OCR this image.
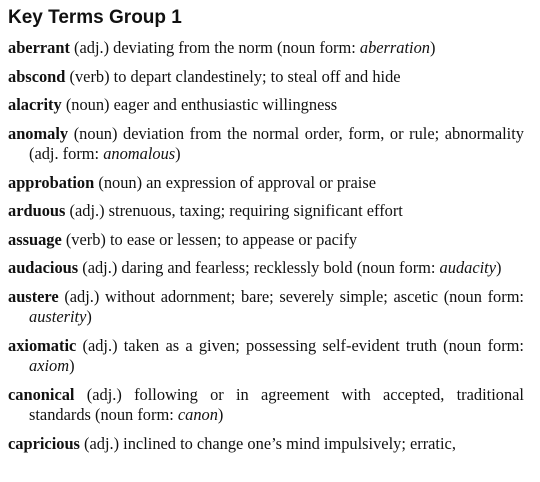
Key Terms Group 1
aberrant (adj.) deviating from the norm (noun form: aberration)
abscond (verb) to depart clandestinely; to steal off and hide
alacrity (noun) eager and enthusiastic willingness
anomaly (noun) deviation from the normal order, form, or rule; abnormality (adj. form: anomalous)
approbation (noun) an expression of approval or praise
arduous (adj.) strenuous, taxing; requiring significant effort
assuage (verb) to ease or lessen; to appease or pacify
audacious (adj.) daring and fearless; recklessly bold (noun form: audacity)
austere (adj.) without adornment; bare; severely simple; ascetic (noun form: austerity)
axiomatic (adj.) taken as a given; possessing self-evident truth (noun form: axiom)
canonical (adj.) following or in agreement with accepted, traditional standards (noun form: canon)
capricious (adj.) inclined to change one’s mind impulsively; erratic,
